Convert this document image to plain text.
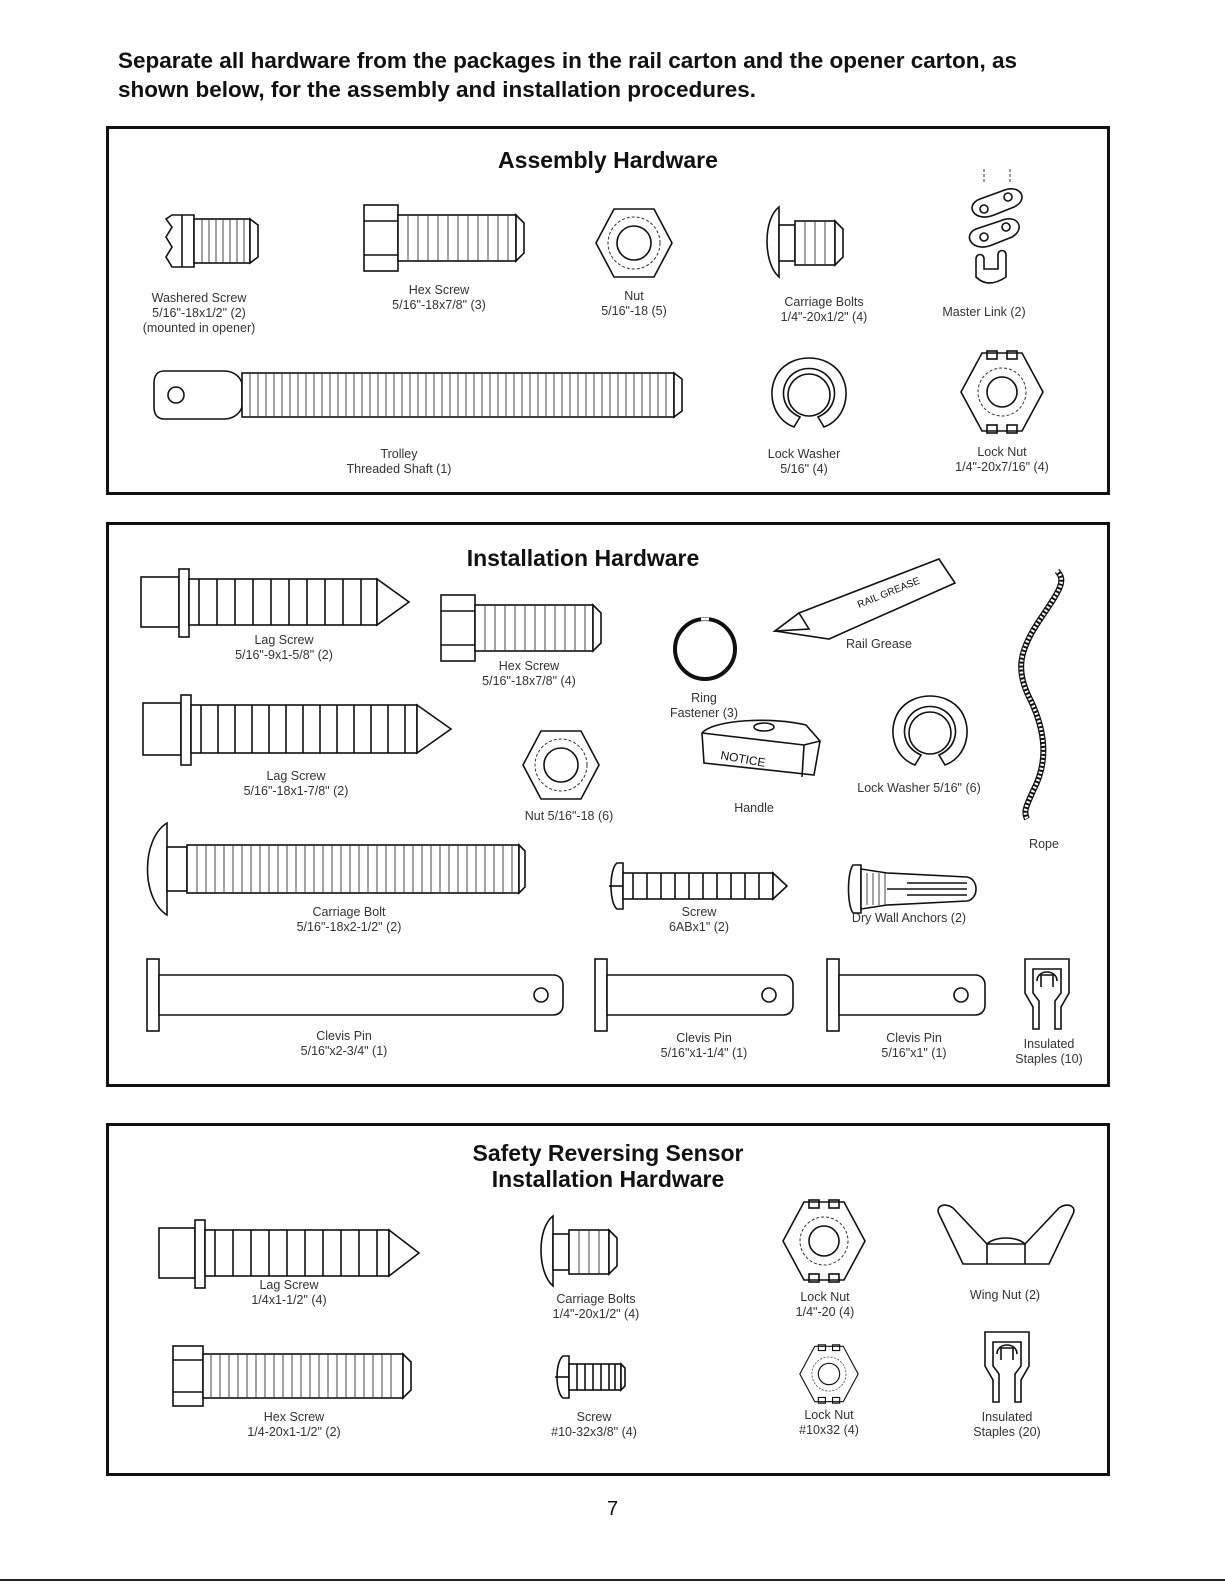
Separate all hardware from the packages in the rail carton and the opener carton, as
shown below, for the assembly and installation procedures.
Assembly Hardware
Washered Screw
5/16"-18x1/2" (2)
(mounted in opener)
Hex Screw
5/16"-18x7/8" (3)
Nut
5/16"-18 (5)
Carriage Bolts
1/4"-20x1/2" (4)	Master Link (2)
Trolley
Threaded Shaft (1)
Lock Washer
5/16" (4)
Lock Nut
1/4"-20x7/16" (4)
Installation Hardware
Lag Screw
5/16"-9x1-5/8" (2)
Hex Screw
5/16"-18x7/8" (4)
Ring
Fastener (3)
RAIL GREASE
Rail Grease
Lag Screw
5/16"-18x1-7/8" (2)
Nut 5/16"-18 (6)
NOTICE
Handle
Lock Washer 5/16" (6)
Rope
Carriage Bolt
5/16"-18x2-1/2" (2)
Screw
6ABx1" (2)
Dry Wall Anchors (2)
Clevis Pin
5/16"x2-3/4" (1)
Clevis Pin
5/16"x1-1/4" (1)
Clevis Pin
5/16"x1" (1)
Insulated
Staples (10)
Safety Reversing Sensor
Installation Hardware
Lag Screw
1/4x1-1/2" (4)	Carriage Bolts
1/4"-20x1/2" (4)
Lock Nut
1/4"-20 (4)
Wing Nut (2)
Hex Screw
1/4-20x1-1/2" (2)
Screw
#10-32x3/8" (4)
Lock Nut
#10x32 (4)
Insulated
Staples (20)
7
